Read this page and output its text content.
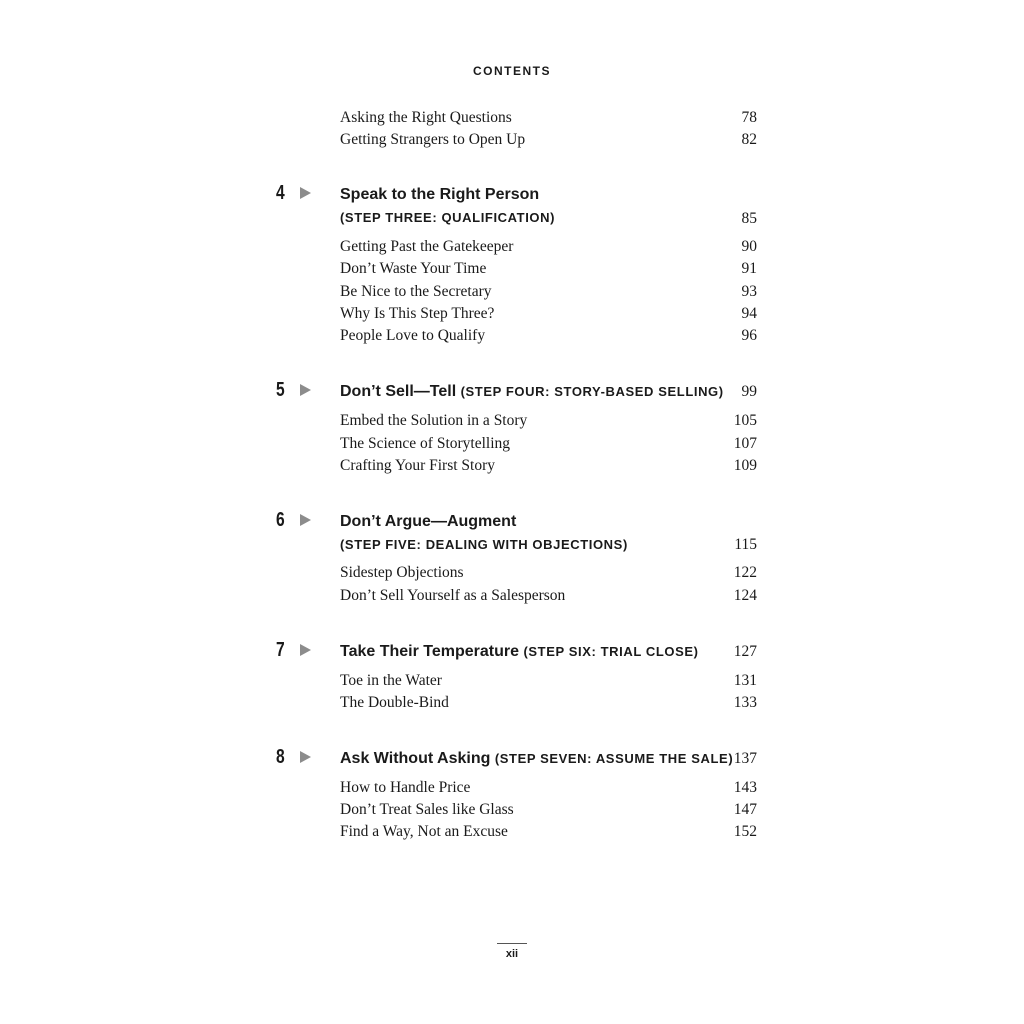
CONTENTS
Asking the Right Questions	78
Getting Strangers to Open Up	82
4	Speak to the Right Person
(STEP THREE: QUALIFICATION)	85
Getting Past the Gatekeeper	90
Don’t Waste Your Time	91
Be Nice to the Secretary	93
Why Is This Step Three?	94
People Love to Qualify	96
5	Don’t Sell—Tell (STEP FOUR: STORY-BASED SELLING)	99
Embed the Solution in a Story	105
The Science of Storytelling	107
Crafting Your First Story	109
6	Don’t Argue—Augment
(STEP FIVE: DEALING WITH OBJECTIONS)	115
Sidestep Objections	122
Don’t Sell Yourself as a Salesperson	124
7	Take Their Temperature (STEP SIX: TRIAL CLOSE)	127
Toe in the Water	131
The Double-Bind	133
8	Ask Without Asking (STEP SEVEN: ASSUME THE SALE) 137
How to Handle Price	143
Don’t Treat Sales like Glass	147
Find a Way, Not an Excuse	152
xii
